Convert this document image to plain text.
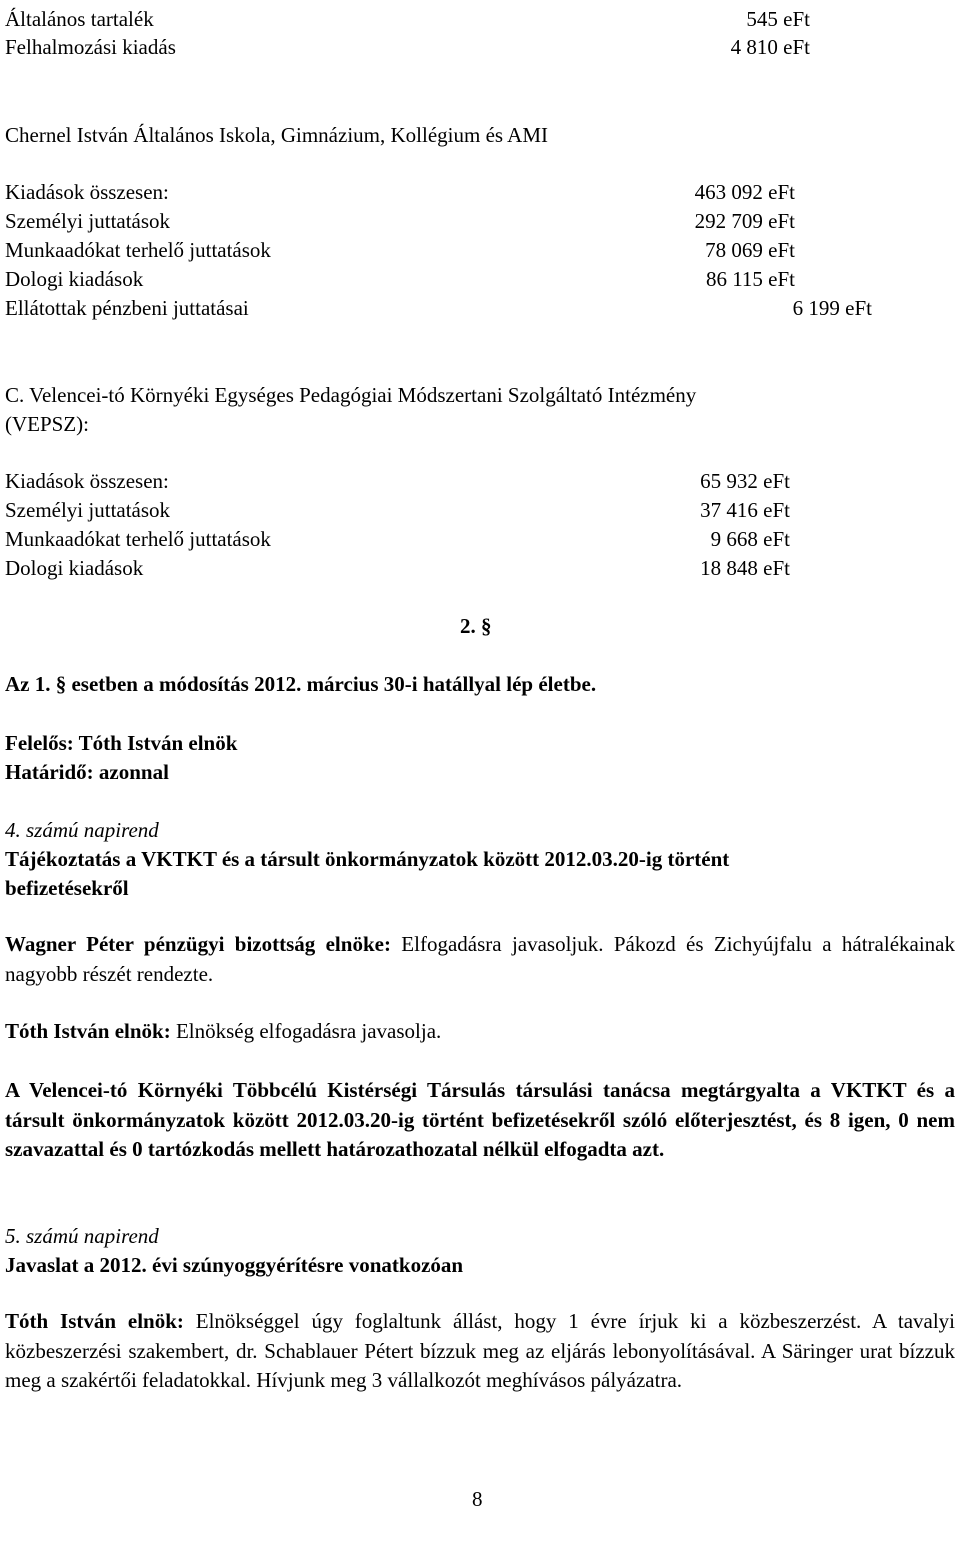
Általános tartalék	545 eFt
Felhalmozási kiadás	4 810 eFt
Chernel István Általános Iskola, Gimnázium, Kollégium és AMI
Kiadások összesen:	463 092 eFt
Személyi juttatások	292 709 eFt
Munkaadókat terhelő juttatások	78 069 eFt
Dologi kiadások	86 115 eFt
Ellátottak pénzbeni juttatásai	6 199 eFt
C. Velencei-tó Környéki Egységes Pedagógiai Módszertani Szolgáltató Intézmény
(VEPSZ):
Kiadások összesen:	65 932 eFt
Személyi juttatások	37 416 eFt
Munkaadókat terhelő juttatások	9 668 eFt
Dologi kiadások	18 848 eFt
2. §
Az 1. § esetben a módosítás 2012. március 30-i hatállyal lép életbe.
Felelős: Tóth István elnök
Határidő: azonnal
4. számú napirend
Tájékoztatás a VKTKT és a társult önkormányzatok között 2012.03.20-ig történt
befizetésekről

Wagner Péter pénzügyi bizottság elnöke: Elfogadásra javasoljuk. Pákozd és Zichyújfalu a hátralékainak nagyobb részét rendezte.

Tóth István elnök: Elnökség elfogadásra javasolja.

A Velencei-tó Környéki Többcélú Kistérségi Társulás társulási tanácsa megtárgyalta a VKTKT és a társult önkormányzatok között 2012.03.20-ig történt befizetésekről szóló előterjesztést, és 8 igen, 0 nem szavazattal és 0 tartózkodás mellett határozathozatal nélkül elfogadta azt.

5. számú napirend
Javaslat a 2012. évi szúnyoggyérítésre vonatkozóan

Tóth István elnök: Elnökséggel úgy foglaltunk állást, hogy 1 évre írjuk ki a közbeszerzést. A tavalyi közbeszerzési szakembert, dr. Schablauer Pétert bízzuk meg az eljárás lebonyolításával. A Säringer urat bízzuk meg a szakértői feladatokkal. Hívjunk meg 3 vállalkozót meghívásos pályázatra.

8
